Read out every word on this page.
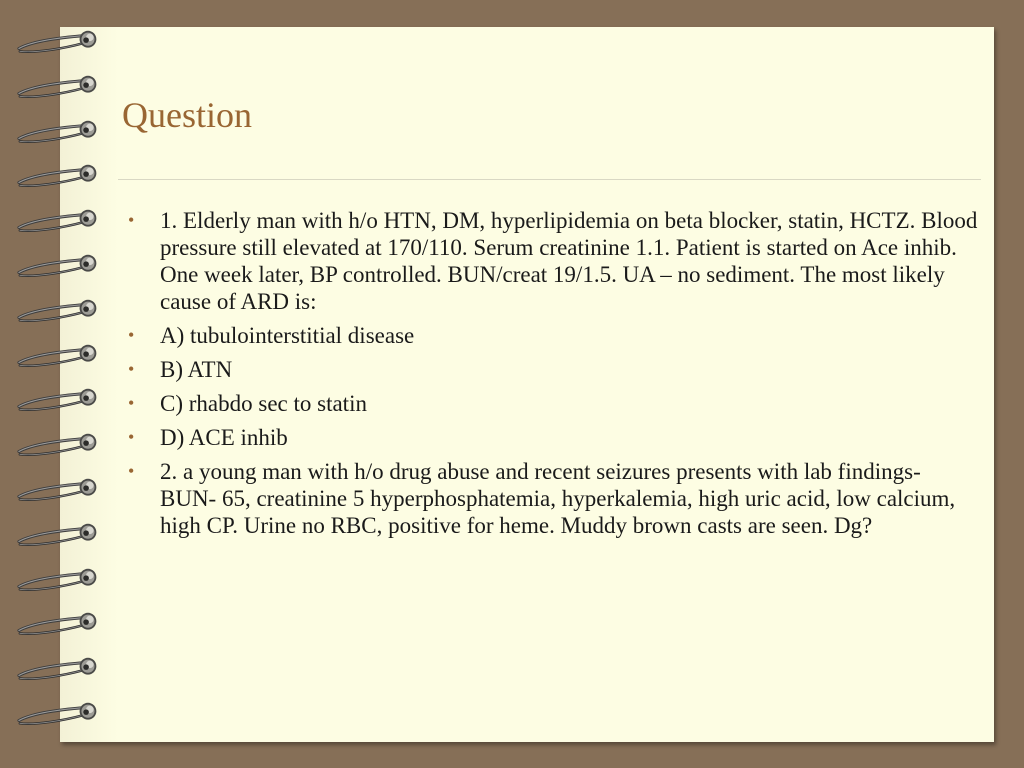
Question
•	1. Elderly man with h/o HTN, DM, hyperlipidemia on beta blocker, statin, HCTZ. Blood pressure still elevated at 170/110. Serum creatinine 1.1. Patient is started on Ace inhib. One week later, BP controlled. BUN/creat 19/1.5. UA – no sediment. The most likely cause of ARD is:
•	A) tubulointerstitial disease
•	B) ATN
•	C) rhabdo sec to statin
•	D) ACE inhib
•	2. a young man with h/o drug abuse and recent seizures presents with lab findings- BUN- 65, creatinine 5 hyperphosphatemia, hyperkalemia, high uric acid, low calcium, high CP. Urine no RBC, positive for heme. Muddy brown casts are seen. Dg?
